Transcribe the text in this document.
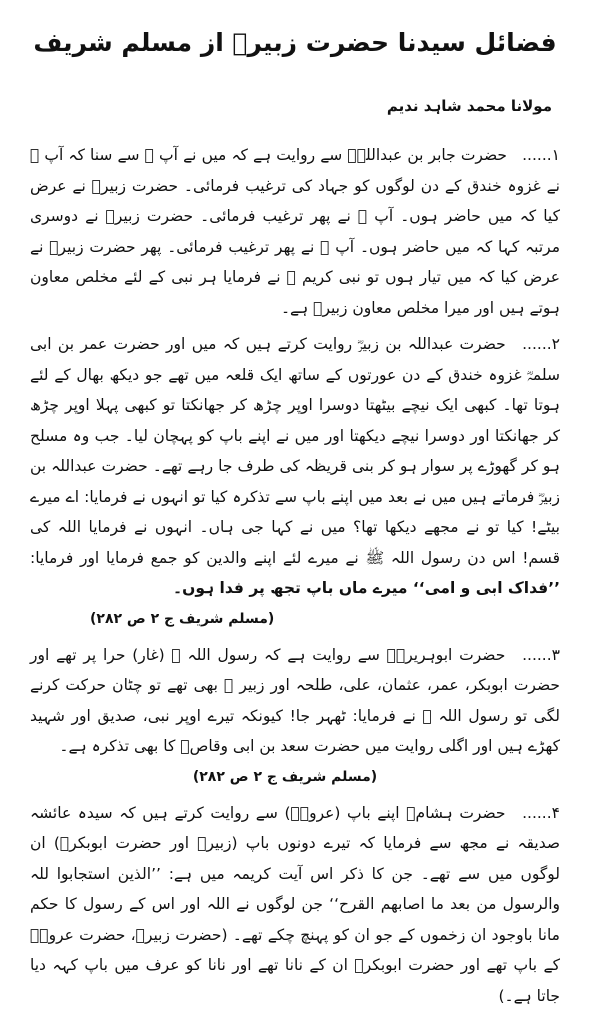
فضائل سیدنا حضرت زبیرؓ از مسلم شریف
مولانا محمد شاہد ندیم

۱...... حضرت جابر بن عبداللہؓ سے روایت ہے کہ میں نے آپ ﷺ سے سنا کہ آپ ﷺ نے غزوہ خندق کے دن لوگوں کو جہاد کی ترغیب فرمائی۔ حضرت زبیرؓ نے عرض کیا کہ میں حاضر ہوں۔ آپ ﷺ نے پھر ترغیب فرمائی۔ حضرت زبیرؓ نے دوسری مرتبہ کہا کہ میں حاضر ہوں۔ آپ ﷺ نے پھر ترغیب فرمائی۔ پھر حضرت زبیرؓ نے عرض کیا کہ میں تیار ہوں تو نبی کریم ﷺ نے فرمایا ہر نبی کے لئے مخلص معاون ہوتے ہیں اور میرا مخلص معاون زبیرؓ ہے۔

۲...... حضرت عبداللہ بن زبیرؓ روایت کرتے ہیں کہ میں اور حضرت عمر بن ابی سلمہؓ غزوہ خندق کے دن عورتوں کے ساتھ ایک قلعہ میں تھے جو دیکھ بھال کے لئے ہوتا تھا۔ کبھی ایک نیچے بیٹھتا دوسرا اوپر چڑھ کر جھانکتا تو کبھی پہلا اوپر چڑھ کر جھانکتا اور دوسرا نیچے دیکھتا اور میں نے اپنے باپ کو پہچان لیا۔ جب وہ مسلح ہو کر گھوڑے پر سوار ہو کر بنی قریظہ کی طرف جا رہے تھے۔ حضرت عبداللہ بن زبیرؓ فرماتے ہیں میں نے بعد میں اپنے باپ سے تذکرہ کیا تو انہوں نے فرمایا: اے میرے بیٹے! کیا تو نے مجھے دیکھا تھا؟ میں نے کہا جی ہاں۔ انہوں نے فرمایا اللہ کی قسم! اس دن رسول اللہ ﷺ نے میرے لئے اپنے والدین کو جمع فرمایا اور فرمایا: ’’فداک ابی و امی‘‘ میرے ماں باپ تجھ پر فدا ہوں۔

(مسلم شریف ج ۲ ص ۲۸۲)

۳...... حضرت ابوہریرہؓ سے روایت ہے کہ رسول اللہ ﷺ (غار) حرا پر تھے اور حضرت ابوبکر، عمر، عثمان، علی، طلحہ اور زبیر ؓ بھی تھے تو چٹان حرکت کرنے لگی تو رسول اللہ ﷺ نے فرمایا: ٹھہر جا! کیونکہ تیرے اوپر نبی، صدیق اور شہید کھڑے ہیں اور اگلی روایت میں حضرت سعد بن ابی وقاصؓ کا بھی تذکرہ ہے۔

(مسلم شریف ج ۲ ص ۲۸۲)

۴...... حضرت ہشامؒ اپنے باپ (عروہؒ) سے روایت کرتے ہیں کہ سیدہ عائشہ صدیقہ نے مجھ سے فرمایا کہ تیرے دونوں باپ (زبیرؓ اور حضرت ابوبکرؓ) ان لوگوں میں سے تھے۔ جن کا ذکر اس آیت کریمہ میں ہے: ’’الذین استجابوا للہ والرسول من بعد ما اصابھم القرح‘‘ جن لوگوں نے اللہ اور اس کے رسول کا حکم مانا باوجود ان زخموں کے جو ان کو پہنچ چکے تھے۔ (حضرت زبیرؓ، حضرت عروہؒ کے باپ تھے اور حضرت ابوبکرؓ ان کے نانا تھے اور نانا کو عرف میں باپ کہہ دیا جاتا ہے۔)
